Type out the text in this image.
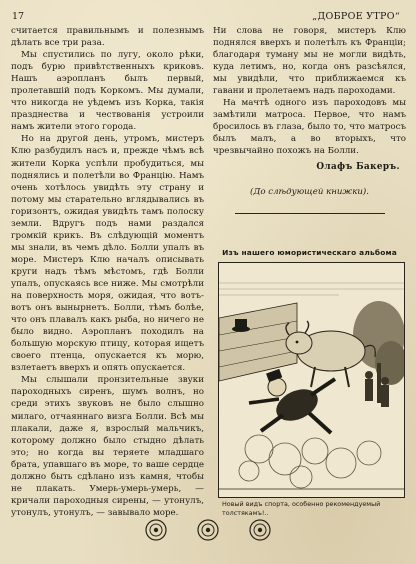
17	„ДОБРОЕ УТРО“

считается правильнымъ и полезнымъ дѣлать все три раза.

Мы спустились по лугу, около рѣки, подъ бурю привѣтственныхъ криковъ. Нашъ аэропланъ былъ первый, пролетавшій подъ Коркомъ. Мы думали, что никогда не уѣдемъ изъ Корка, такія празднества и чествованія устроили намъ жители этого города.

Но на другой день, утромъ, мистеръ Клю разбудилъ насъ и, прежде чѣмъ всѣ жители Корка успѣли пробудиться, мы поднялись и полетѣли во Францію. Намъ очень хотѣлось увидѣть эту страну и потому мы старательно вглядывались въ горизонтъ, ожидая увидѣть тамъ полоску земли. Вдругъ подъ нами раздался громкій крикъ. Въ слѣдующій моментъ мы знали, въ чемъ дѣло. Болли упалъ въ море. Мистеръ Клю началъ описывать круги надъ тѣмъ мѣстомъ, гдѣ Болли упалъ, опускаясь все ниже. Мы смотрѣли на поверхность моря, ожидая, что вотъ-вотъ онъ вынырнетъ. Болли, тѣмъ болѣе, что онъ плавалъ какъ рыба, но ничего не было видно. Аэропланъ походилъ на большую морскую птицу, которая ищетъ своего птенца, опускается къ морю, взлетаетъ вверхъ и опять опускается.

Мы слышали пронзительные звуки пароходныхъ сиренъ, шумъ волнъ, но среди этихъ звуковъ не было слышно милаго, отчаяннаго визга Болли. Всѣ мы плакали, даже я, взрослый мальчикъ, которому должно было стыдно дѣлать это; но когда вы теряете младшаго брата, упавшаго въ море, то ваше сердце должно быть сдѣлано изъ камня, чтобы не плакать. Умерь-умерь-умерь, — кричали пароходныя сирены, — утонулъ, утонулъ, утонулъ, — завывало море.

Ни слова не говоря, мистеръ Клю поднялся вверхъ и полетѣлъ къ Франціи; благодаря туману мы не могли видѣть, куда летимъ, но, когда онъ разсѣялся, мы увидѣли, что приближаемся къ гавани и пролетаемъ надъ пароходами.

На мачтѣ одного изъ пароходовъ мы замѣтили матроса. Первое, что намъ бросилось въ глаза, было то, что матросъ былъ малъ, а во вторыхъ, что чрезвычайно похожъ на Болли.

Олафъ Бакеръ.
(До слѣдующей книжки).
Изъ нашего юмористическаго альбома
Новый видъ спорта, особенно рекомендуемый толстякамъ!..
